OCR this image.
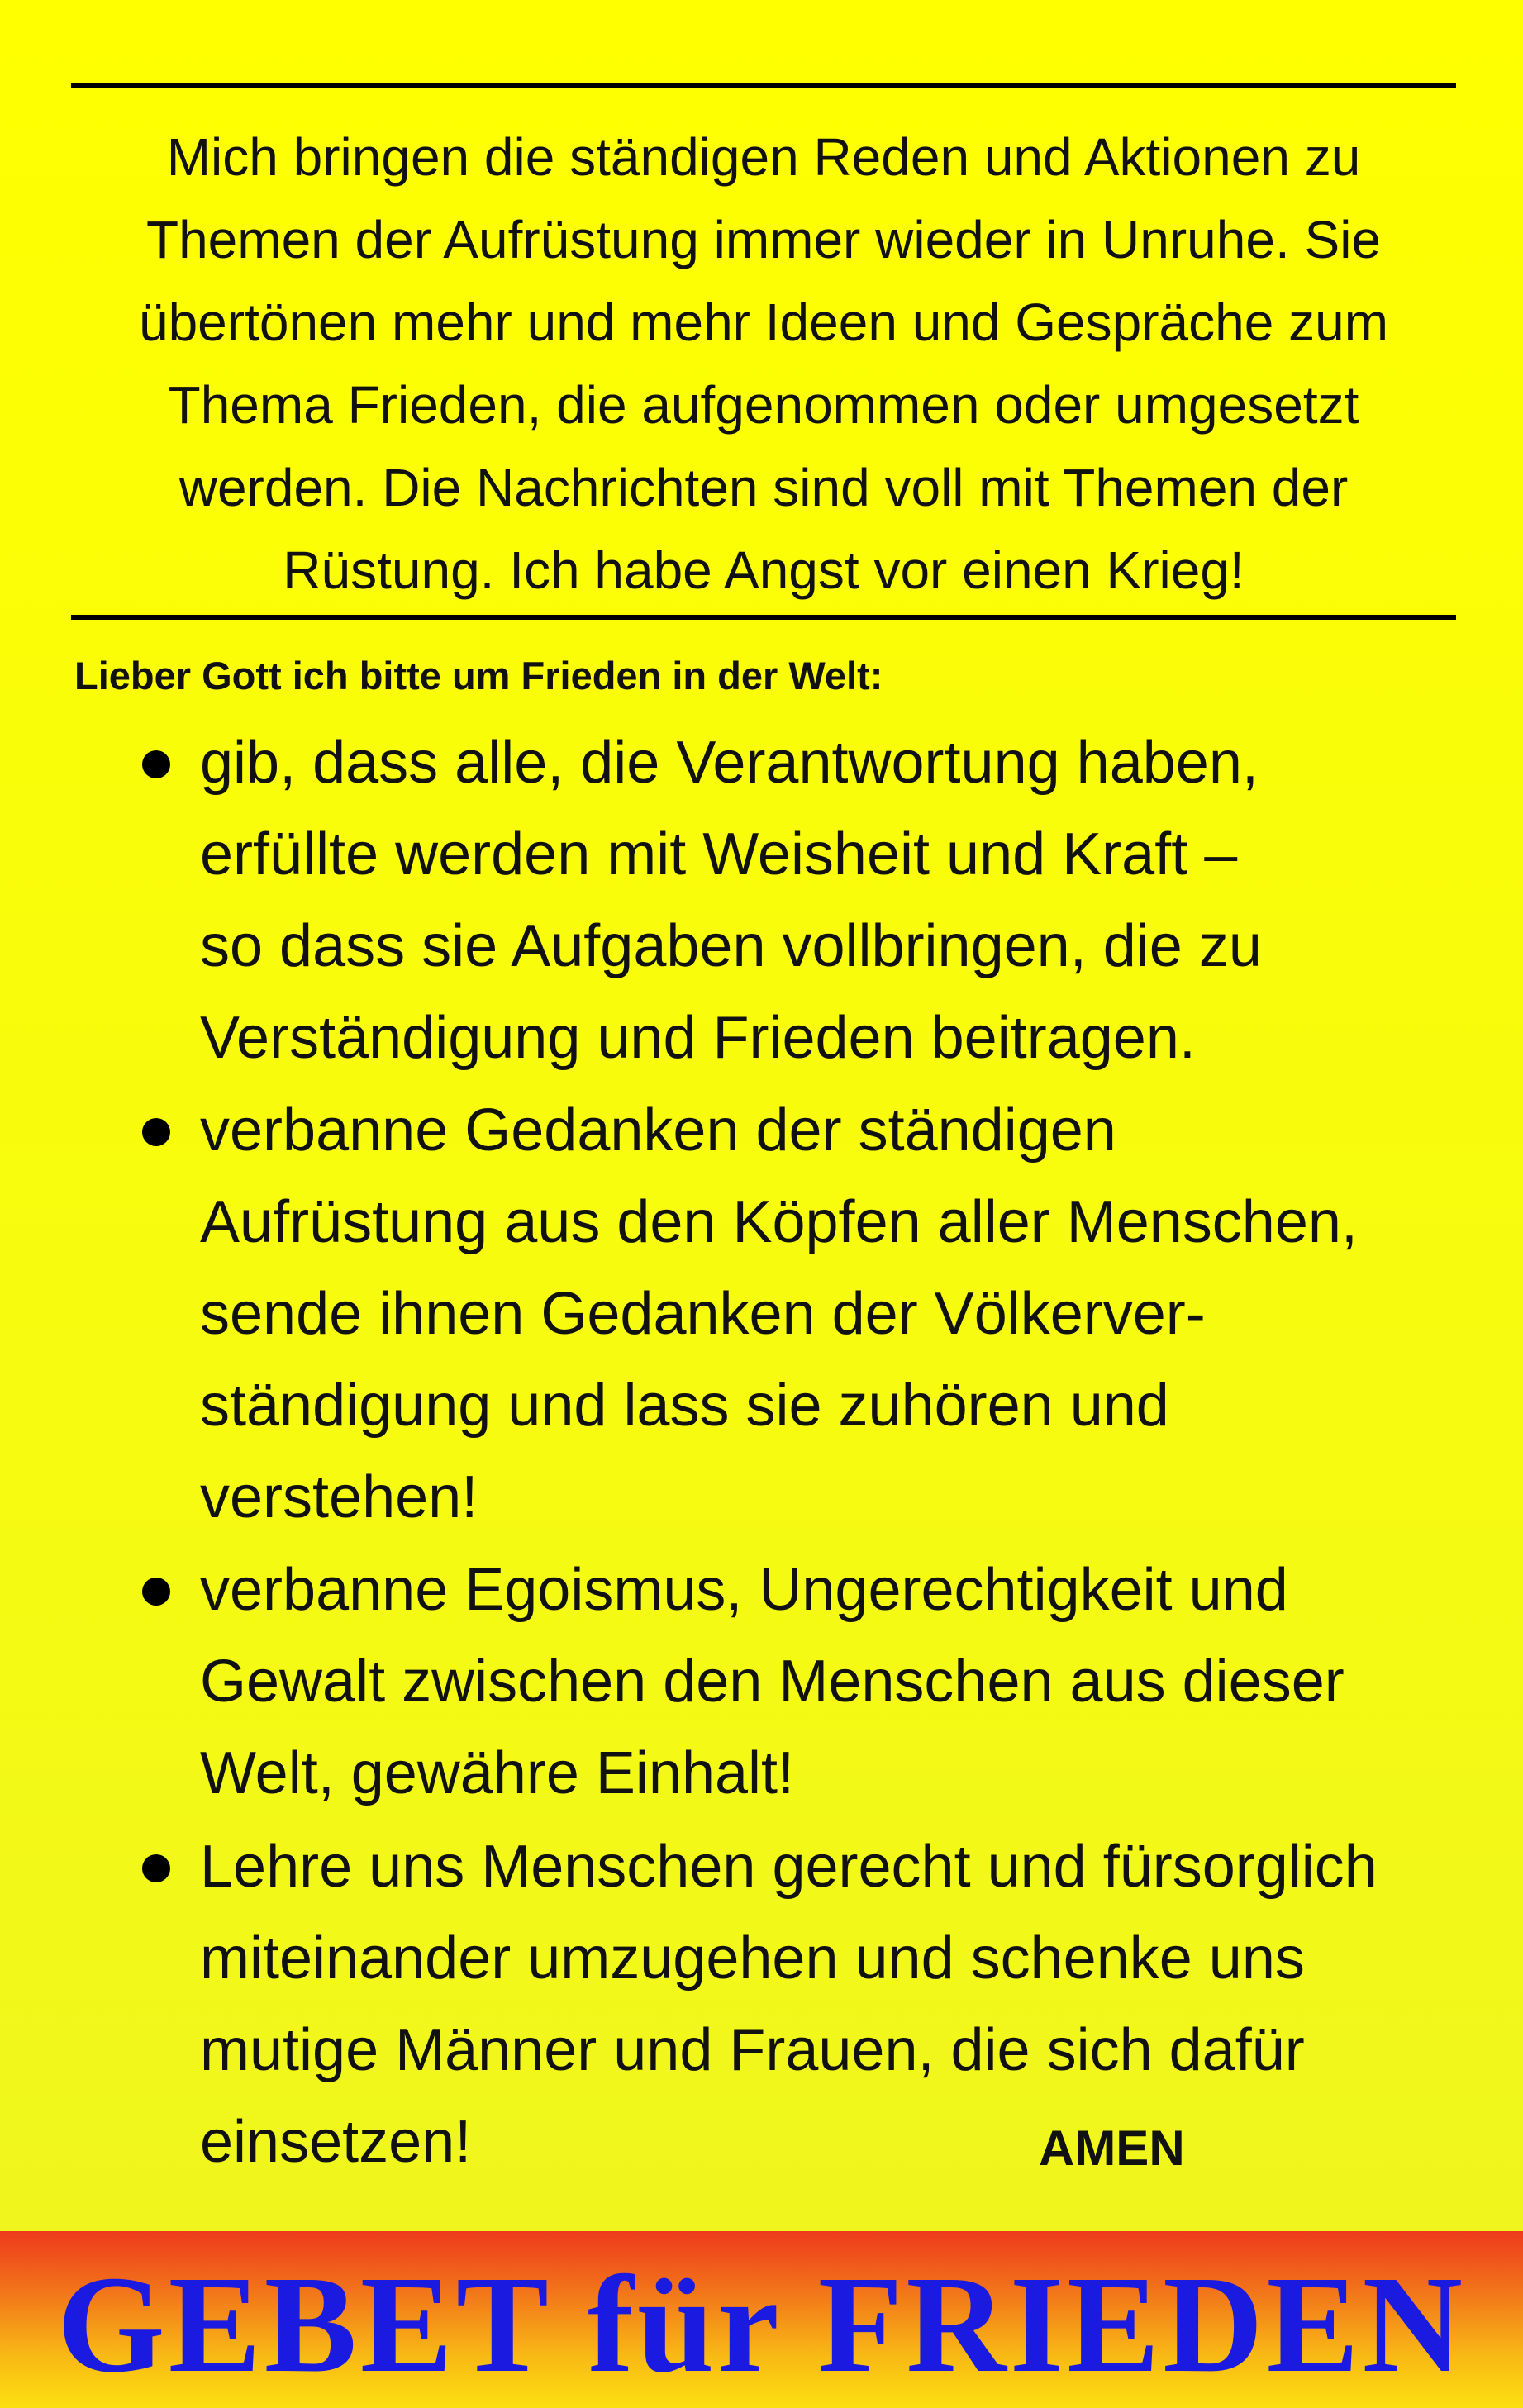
Mich bringen die ständigen Reden und Aktionen zu
Themen der Aufrüstung immer wieder in Unruhe. Sie
übertönen mehr und mehr Ideen und Gespräche zum
Thema Frieden, die aufgenommen oder umgesetzt
werden. Die Nachrichten sind voll mit Themen der
Rüstung. Ich habe Angst vor einen Krieg!
Lieber Gott ich bitte um Frieden in der Welt:
gib, dass alle, die Verantwortung haben,
erfüllte werden mit Weisheit und Kraft –
so dass sie Aufgaben vollbringen, die zu
Verständigung und Frieden beitragen.
verbanne Gedanken der ständigen
Aufrüstung aus den Köpfen aller Menschen,
sende ihnen Gedanken der Völkerver-
ständigung und lass sie zuhören und
verstehen!
verbanne Egoismus, Ungerechtigkeit und
Gewalt zwischen den Menschen aus dieser
Welt, gewähre Einhalt!
Lehre uns Menschen gerecht und fürsorglich
miteinander umzugehen und schenke uns
mutige Männer und Frauen, die sich dafür
einsetzen!	AMEN
GEBET für FRIEDEN
